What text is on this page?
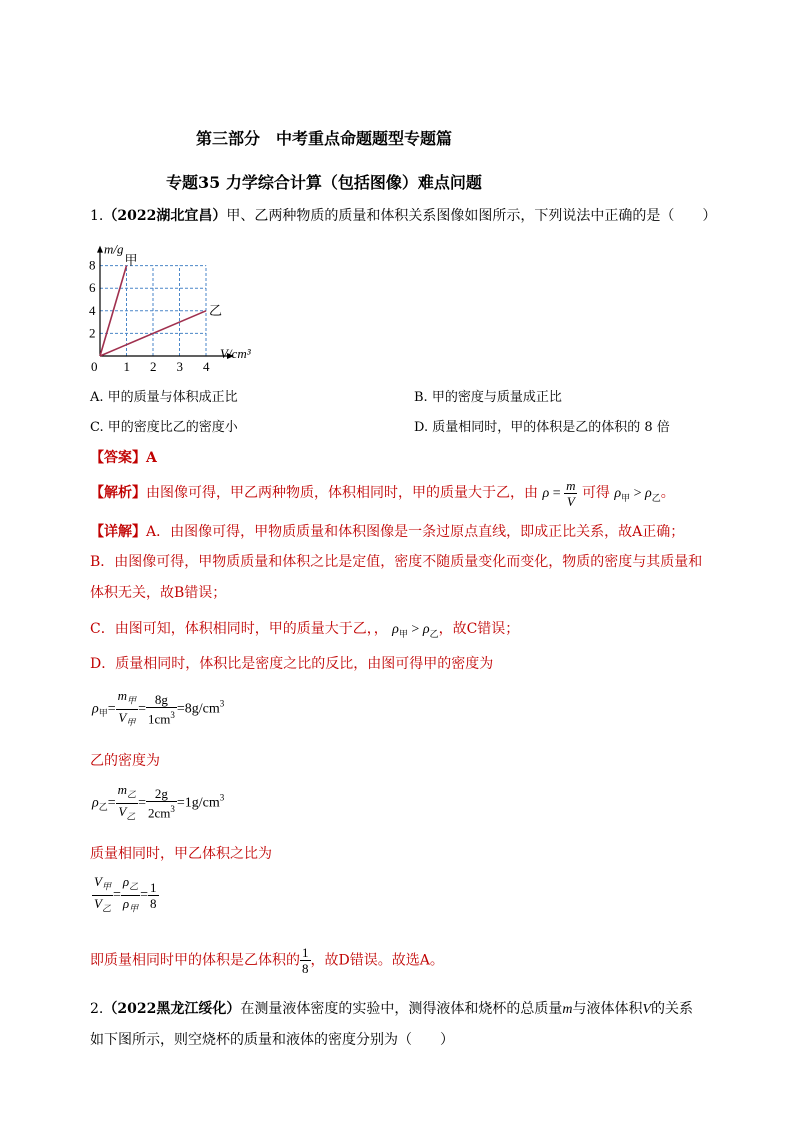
第三部分　中考重点命题题型专题篇
专题35 力学综合计算（包括图像）难点问题
1.（2022湖北宜昌）甲、乙两种物质的质量和体积关系图像如图所示，下列说法中正确的是（　　）
0 1 2 3 4
2
4
6
8
m/g
V/cm³
甲
乙
A. 甲的质量与体积成正比	B. 甲的密度与质量成正比
C. 甲的密度比乙的密度小	D. 质量相同时，甲的体积是乙的体积的 8 倍
【答案】A
【解析】由图像可得，甲乙两种物质，体积相同时，甲的质量大于乙，由 $\rho = \frac{m}{V}$ 可得 $\rho_甲 > \rho_乙$。
【详解】A．由图像可得，甲物质质量和体积图像是一条过原点直线，即成正比关系，故A正确；
B．由图像可得，甲物质质量和体积之比是定值，密度不随质量变化而变化，物质的密度与其质量和
体积无关，故B错误；
C．由图可知，体积相同时，甲的质量大于乙，， $\rho_甲 > \rho_乙$，故C错误；
D．质量相同时，体积比是密度之比的反比，由图可得甲的密度为
$\rho_甲= \frac{m_甲}{V_甲} = \frac{8g}{1cm^3} =8g/cm^3$
乙的密度为
$\rho_乙= \frac{m_乙}{V_乙} = \frac{2g}{2cm^3} =1g/cm^3$
质量相同时，甲乙体积之比为
$\frac{V_甲}{V_乙} = \frac{\rho_乙}{\rho_甲} = \frac{1}{8}$
即质量相同时甲的体积是乙体积的 $\frac{1}{8}$ ，故D错误。故选A。
2.（2022黑龙江绥化）在测量液体密度的实验中，测得液体和烧杯的总质量m与液体体积V的关系
如下图所示，则空烧杯的质量和液体的密度分别为（　　）
